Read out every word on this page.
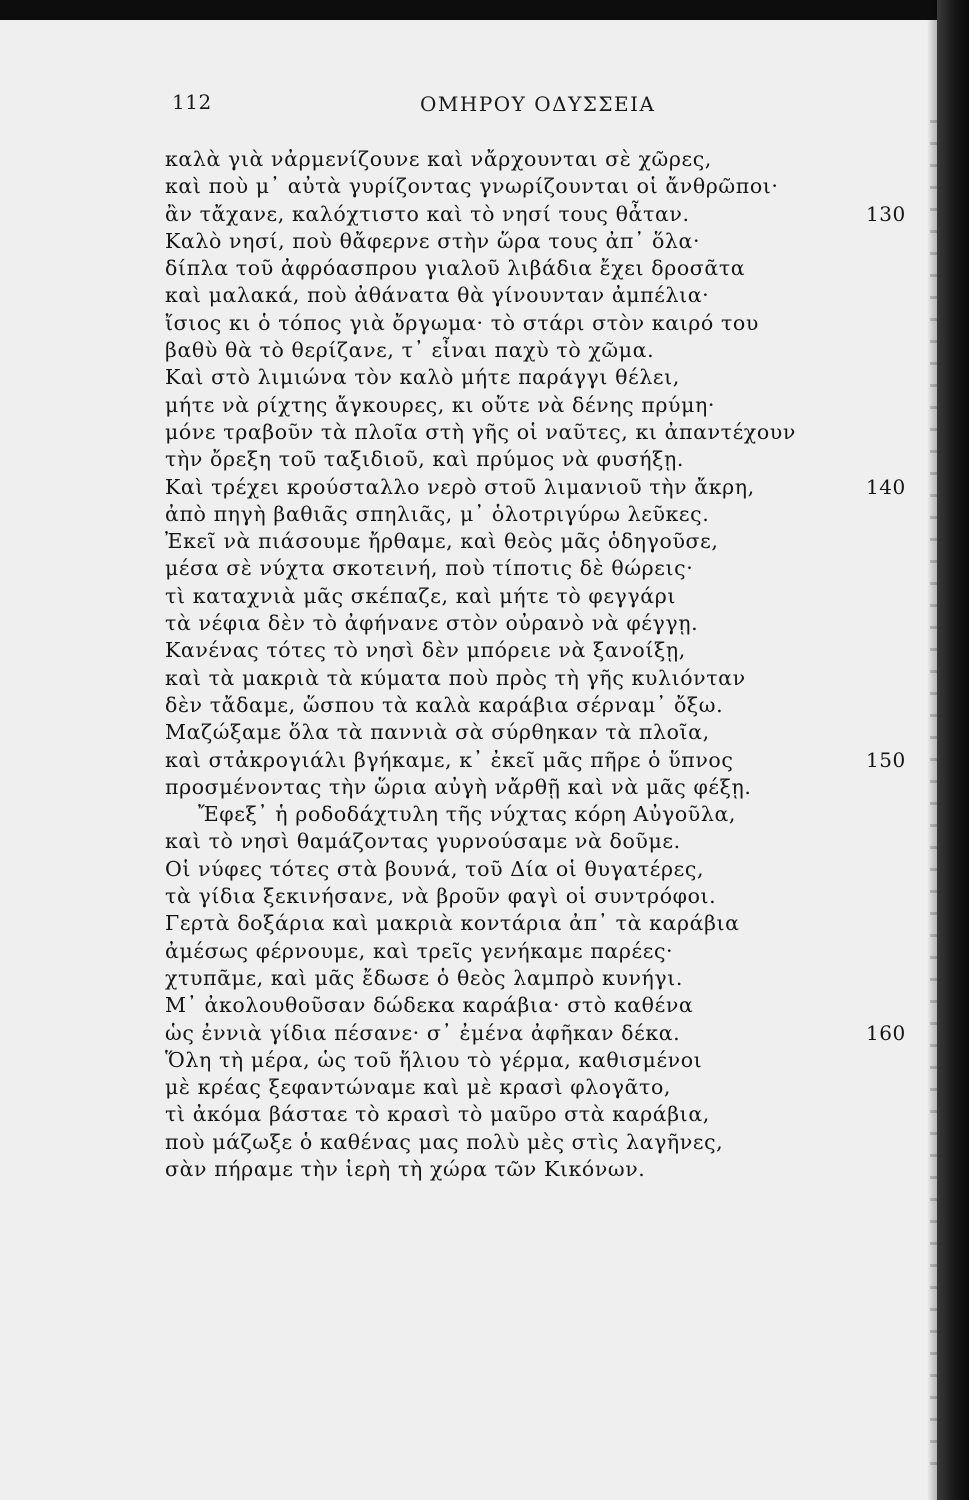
112	ΟΜΗΡΟΥ ΟΔΥΣΣΕΙΑ
καλὰ γιὰ νἀρμενίζουνε καὶ νἄρχουνται σὲ χῶρες,
καὶ ποὺ μ᾿ αὐτὰ γυρίζοντας γνωρίζουνται οἱ ἄνθρῶποι·
ἂν τἄχανε, καλόχτιστο καὶ τὸ νησί τους θἆταν.	130
Καλὸ νησί, ποὺ θἄφερνε στὴν ὥρα τους ἀπ᾿ ὅλα·
δίπλα τοῦ ἀφρόασπρου γιαλοῦ λιβάδια ἔχει δροσᾶτα
καὶ μαλακά, ποὺ ἀθάνατα θὰ γίνουνταν ἀμπέλια·
ἴσιος κι ὁ τόπος γιὰ ὄργωμα· τὸ στάρι στὸν καιρό του
βαθὺ θὰ τὸ θερίζανε, τ᾿ εἶναι παχὺ τὸ χῶμα.
Καὶ στὸ λιμιώνα τὸν καλὸ μήτε παράγγι θέλει,
μήτε νὰ ρίχτης ἄγκουρες, κι οὔτε νὰ δένης πρύμη·
μόνε τραβοῦν τὰ πλοῖα στὴ γῆς οἱ ναῦτες, κι ἀπαντέχουν
τὴν ὄρεξη τοῦ ταξιδιοῦ, καὶ πρύμος νὰ φυσήξῃ.
Καὶ τρέχει κρούσταλλο νερὸ στοῦ λιμανιοῦ τὴν ἄκρη,	140
ἀπὸ πηγὴ βαθιᾶς σπηλιᾶς, μ᾿ ὁλοτριγύρω λεῦκες.
Ἐκεῖ νὰ πιάσουμε ἤρθαμε, καὶ θεὸς μᾶς ὁδηγοῦσε,
μέσα σὲ νύχτα σκοτεινή, ποὺ τίποτις δὲ θώρεις·
τὶ καταχνιὰ μᾶς σκέπαζε, καὶ μήτε τὸ φεγγάρι
τὰ νέφια δὲν τὸ ἀφήνανε στὸν οὐρανὸ νὰ φέγγῃ.
Κανένας τότες τὸ νησὶ δὲν μπόρειε νὰ ξανοίξῃ,
καὶ τὰ μακριὰ τὰ κύματα ποὺ πρὸς τὴ γῆς κυλιόνταν
δὲν τἄδαμε, ὥσπου τὰ καλὰ καράβια σέρναμ᾿ ὄξω.
Μαζώξαμε ὅλα τὰ παννιὰ σὰ σύρθηκαν τὰ πλοῖα,
καὶ στἀκρογιάλι βγήκαμε, κ᾿ ἐκεῖ μᾶς πῆρε ὁ ὕπνος	150
προσμένοντας τὴν ὥρια αὐγὴ νἄρθῇ καὶ νὰ μᾶς φέξῃ.
Ἔφεξ᾿ ἡ ροδοδάχτυλη τῆς νύχτας κόρη Αὐγοῦλα,
καὶ τὸ νησὶ θαμάζοντας γυρνούσαμε νὰ δοῦμε.
Οἱ νύφες τότες στὰ βουνά, τοῦ Δία οἱ θυγατέρες,
τὰ γίδια ξεκινήσανε, νὰ βροῦν φαγὶ οἱ συντρόφοι.
Γερτὰ δοξάρια καὶ μακριὰ κοντάρια ἀπ᾿ τὰ καράβια
ἀμέσως φέρνουμε, καὶ τρεῖς γενήκαμε παρέες·
χτυπᾶμε, καὶ μᾶς ἔδωσε ὁ θεὸς λαμπρὸ κυνήγι.
Μ᾿ ἀκολουθοῦσαν δώδεκα καράβια· στὸ καθένα
ὡς ἐννιὰ γίδια πέσανε· σ᾿ ἐμένα ἀφῆκαν δέκα.	160
Ὅλη τὴ μέρα, ὡς τοῦ ἥλιου τὸ γέρμα, καθισμένοι
μὲ κρέας ξεφαντώναμε καὶ μὲ κρασὶ φλογᾶτο,
τὶ ἀκόμα βάσταε τὸ κρασὶ τὸ μαῦρο στὰ καράβια,
ποὺ μάζωξε ὁ καθένας μας πολὺ μὲς στὶς λαγῆνες,
σὰν πήραμε τὴν ἱερὴ τὴ χώρα τῶν Κικόνων.
